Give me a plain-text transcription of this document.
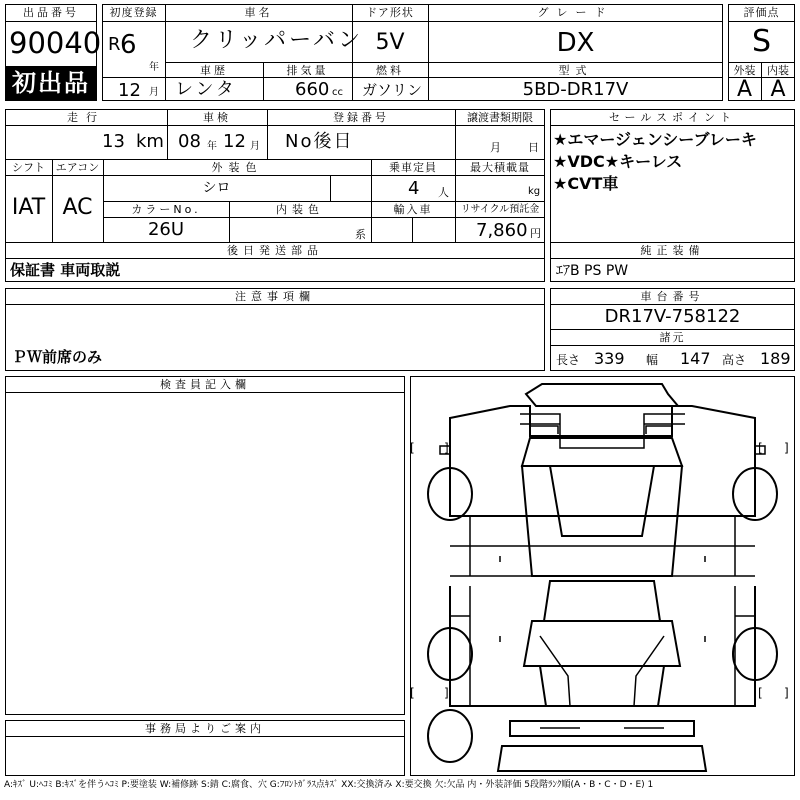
出品番号
90040
初出品
初度登録
R 6
年
12 月
車名
クリッパーバン
車歴
レンタ
排気量
660 cc
ドア形状
5V
燃料
ガソリン
グレード
DX
型式
5BD-DR17V
評価点
S
外装	内装
A A
走行
13 km
車検
08 年 12 月
登録番号
No後日
譲渡書類期限
月 日
シフト エアコン
IAT AC
外装色
シロ
乗車定員
4 人
最大積載量
kg
カラーNo.
26U
内装色
系
輸入車	リサイクル預託金
7,860 円
後日発送部品
保証書 車両取説
セールスポイント
★エマージェンシーブレーキ
★VDC★キーレス
★CVT車
純正装備
ｴｱB PS PW
注意事項欄
ＰＷ前席のみ
車台番号
DR17V-758122
諸元
長さ 339 幅 147 高さ 189
検査員記入欄
事務局よりご案内
[ ]	[ ]
[ ]	[ ]
A:ｷｽﾞ U:ﾍｺﾐ B:ｷｽﾞを伴うﾍｺﾐ P:要塗装 W:補修跡 S:錆 C:腐食、穴 G:ﾌﾛﾝﾄｶﾞﾗｽ点ｷｽﾞ XX:交換済み X:要交換 欠:欠品 内・外装評価 5段階ﾗﾝｸ順(A・B・C・D・E) 1
